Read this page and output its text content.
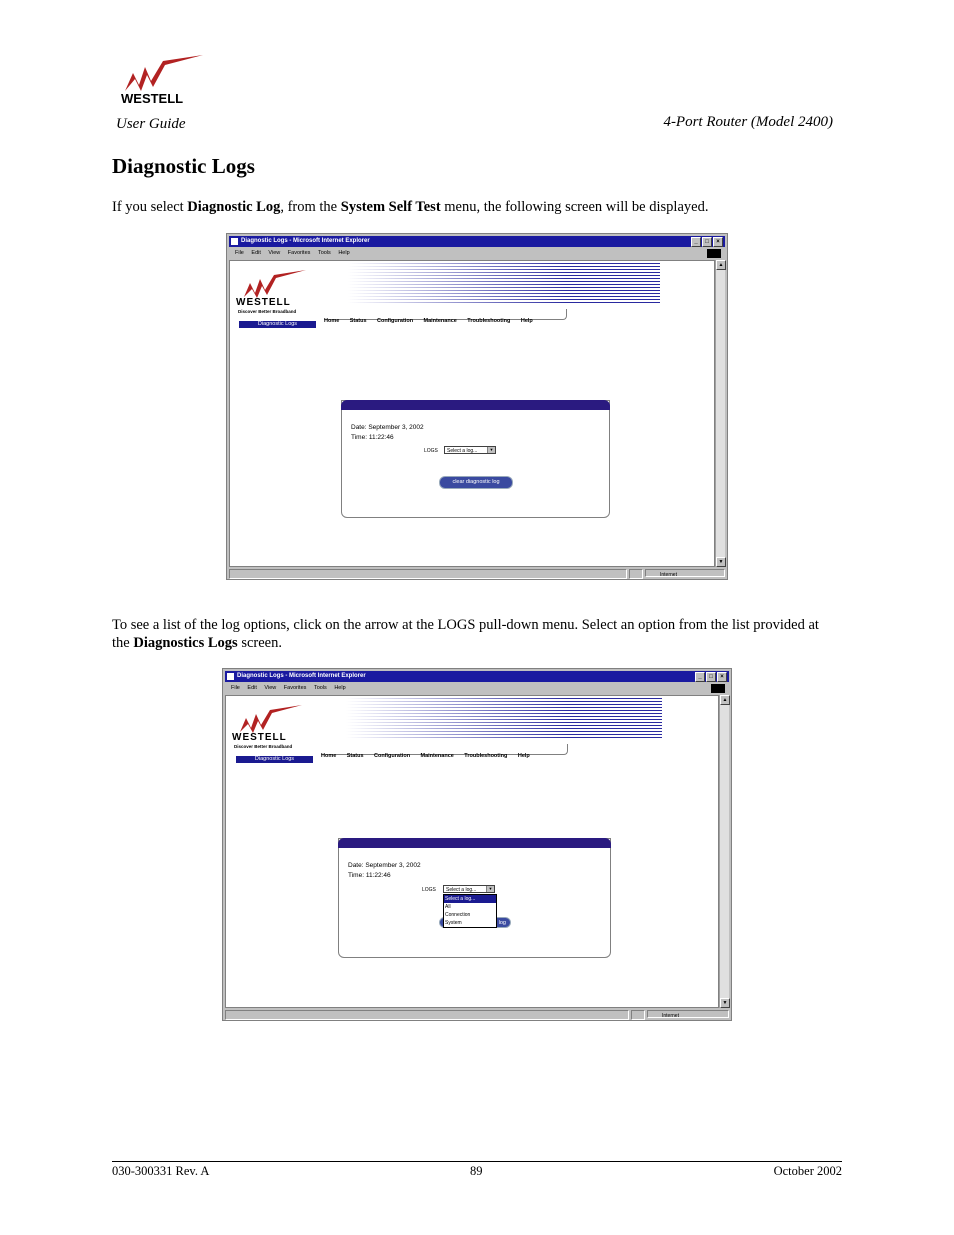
WESTELL
User Guide	4-Port Router (Model 2400)
Diagnostic Logs
If you select Diagnostic Log, from the System Self Test menu, the following screen will be displayed.
Diagnostic Logs - Microsoft Internet Explorer	_	□	×
File Edit View Favorites Tools Help
WESTELL
Discover Better Broadband
Home Status Configuration Maintenance Troubleshooting Help
Diagnostic Logs
Date: September 3, 2002
Time: 11:22:46
LOGS	Select a log...	▼
clear diagnostic log
▲
▼
Internet
To see a list of the log options, click on the arrow at the LOGS pull-down menu. Select an option from the list provided at the Diagnostics Logs screen.
Diagnostic Logs - Microsoft Internet Explorer	_	□	×
File Edit View Favorites Tools Help
WESTELL
Discover Better Broadband
Home Status Configuration Maintenance Troubleshooting Help
Diagnostic Logs
Date: September 3, 2002
Time: 11:22:46
LOGS	Select a log...	▼
log
Select a log...
All
Connection
System
▲
▼
Internet
030-300331 Rev. A	89	October 2002
